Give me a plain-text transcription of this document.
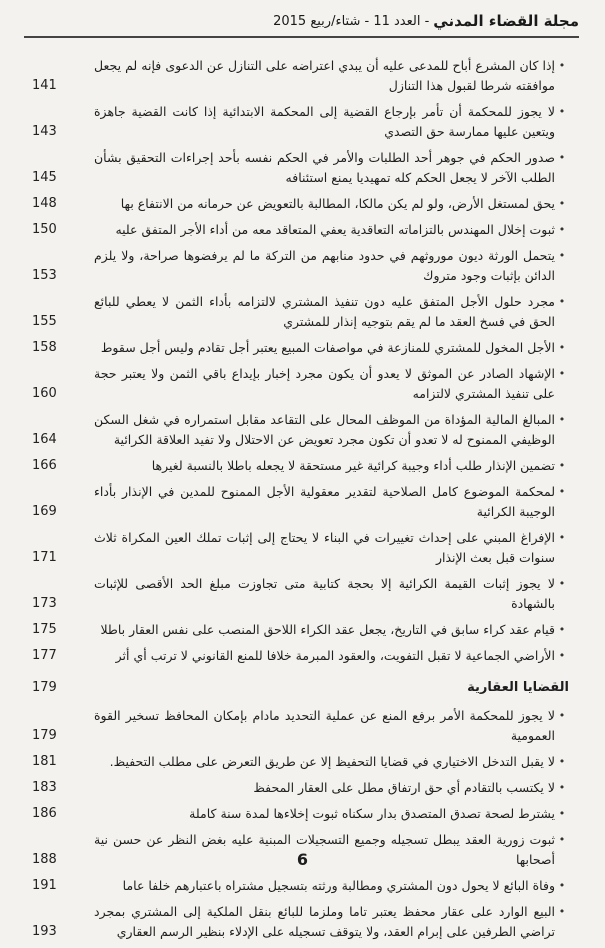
مجلة القضاء المدني
- العدد 11 - شتاء/ربيع 2015
•
إذا كان المشرع أباح للمدعى عليه أن يبدي اعتراضه على التنازل عن الدعوى فإنه لم يجعل موافقته شرطا لقبول هذا التنازل
141
•
لا يجوز للمحكمة أن تأمر بإرجاع القضية إلى المحكمة الابتدائية إذا كانت القضية جاهزة ويتعين عليها ممارسة حق التصدي
143
•
صدور الحكم في جوهر أحد الطلبات والأمر في الحكم نفسه بأحد إجراءات التحقيق بشأن الطلب الآخر لا يجعل الحكم كله تمهيديا يمنع استئنافه
145
•
يحق لمستغل الأرض، ولو لم يكن مالكا، المطالبة بالتعويض عن حرمانه من الانتفاع بها
148
•
ثبوت إخلال المهندس بالتزاماته التعاقدية يعفي المتعاقد معه من أداء الأجر المتفق عليه
150
•
يتحمل الورثة ديون موروثهم في حدود منابهم من التركة ما لم يرفضوها صراحة، ولا يلزم الدائن بإثبات وجود متروك
153
•
مجرد حلول الأجل المتفق عليه دون تنفيذ المشتري لالتزامه بأداء الثمن لا يعطي للبائع الحق في فسخ العقد ما لم يقم بتوجيه إنذار للمشتري
155
•
الأجل المخول للمشتري للمنازعة في مواصفات المبيع يعتبر أجل تقادم وليس أجل سقوط
158
•
الإشهاد الصادر عن الموثق لا يعدو أن يكون مجرد إخبار بإيداع باقي الثمن ولا يعتبر حجة على تنفيذ المشتري لالتزامه
160
•
المبالغ المالية المؤداة من الموظف المحال على التقاعد مقابل استمراره في شغل السكن الوظيفي الممنوح له لا تعدو أن تكون مجرد تعويض عن الاحتلال ولا تفيد العلاقة الكرائية
164
•
تضمين الإنذار طلب أداء وجيبة كرائية غير مستحقة لا يجعله باطلا بالنسبة لغيرها
166
•
لمحكمة الموضوع كامل الصلاحية لتقدير معقولية الأجل الممنوح للمدين في الإنذار بأداء الوجيبة الكرائية
169
•
الإفراغ المبني على إحداث تغييرات في البناء لا يحتاج إلى إثبات تملك العين المكراة ثلاث سنوات قبل بعث الإنذار
171
•
لا يجوز إثبات القيمة الكرائية إلا بحجة كتابية متى تجاوزت مبلغ الحد الأقصى للإثبات بالشهادة
173
•
قيام عقد كراء سابق في التاريخ، يجعل عقد الكراء اللاحق المنصب على نفس العقار باطلا
175
•
الأراضي الجماعية لا تقبل التفويت، والعقود المبرمة خلافا للمنع القانوني لا ترتب أي أثر
177
القضايا العقارية
179
•
لا يجوز للمحكمة الأمر برفع المنع عن عملية التحديد مادام بإمكان المحافظ تسخير القوة العمومية
179
•
لا يقبل التدخل الاختياري في قضايا التحفيظ إلا عن طريق التعرض على مطلب التحفيظ.
181
•
لا يكتسب بالتقادم أي حق ارتفاق مطل على العقار المحفظ
183
•
يشترط لصحة تصدق المتصدق بدار سكناه ثبوت إخلاءها لمدة سنة كاملة
186
•
ثبوت زورية العقد يبطل تسجيله وجميع التسجيلات المبنية عليه بغض النظر عن حسن نية أصحابها
188
•
وفاة البائع لا يحول دون المشتري ومطالبة ورثته بتسجيل مشتراه باعتبارهم خلفا عاما
191
•
البيع الوارد على عقار محفظ يعتبر تاما وملزما للبائع بنقل الملكية إلى المشتري بمجرد تراضي الطرفين على إبرام العقد، ولا يتوقف تسجيله على الإدلاء بنظير الرسم العقاري
193
6
